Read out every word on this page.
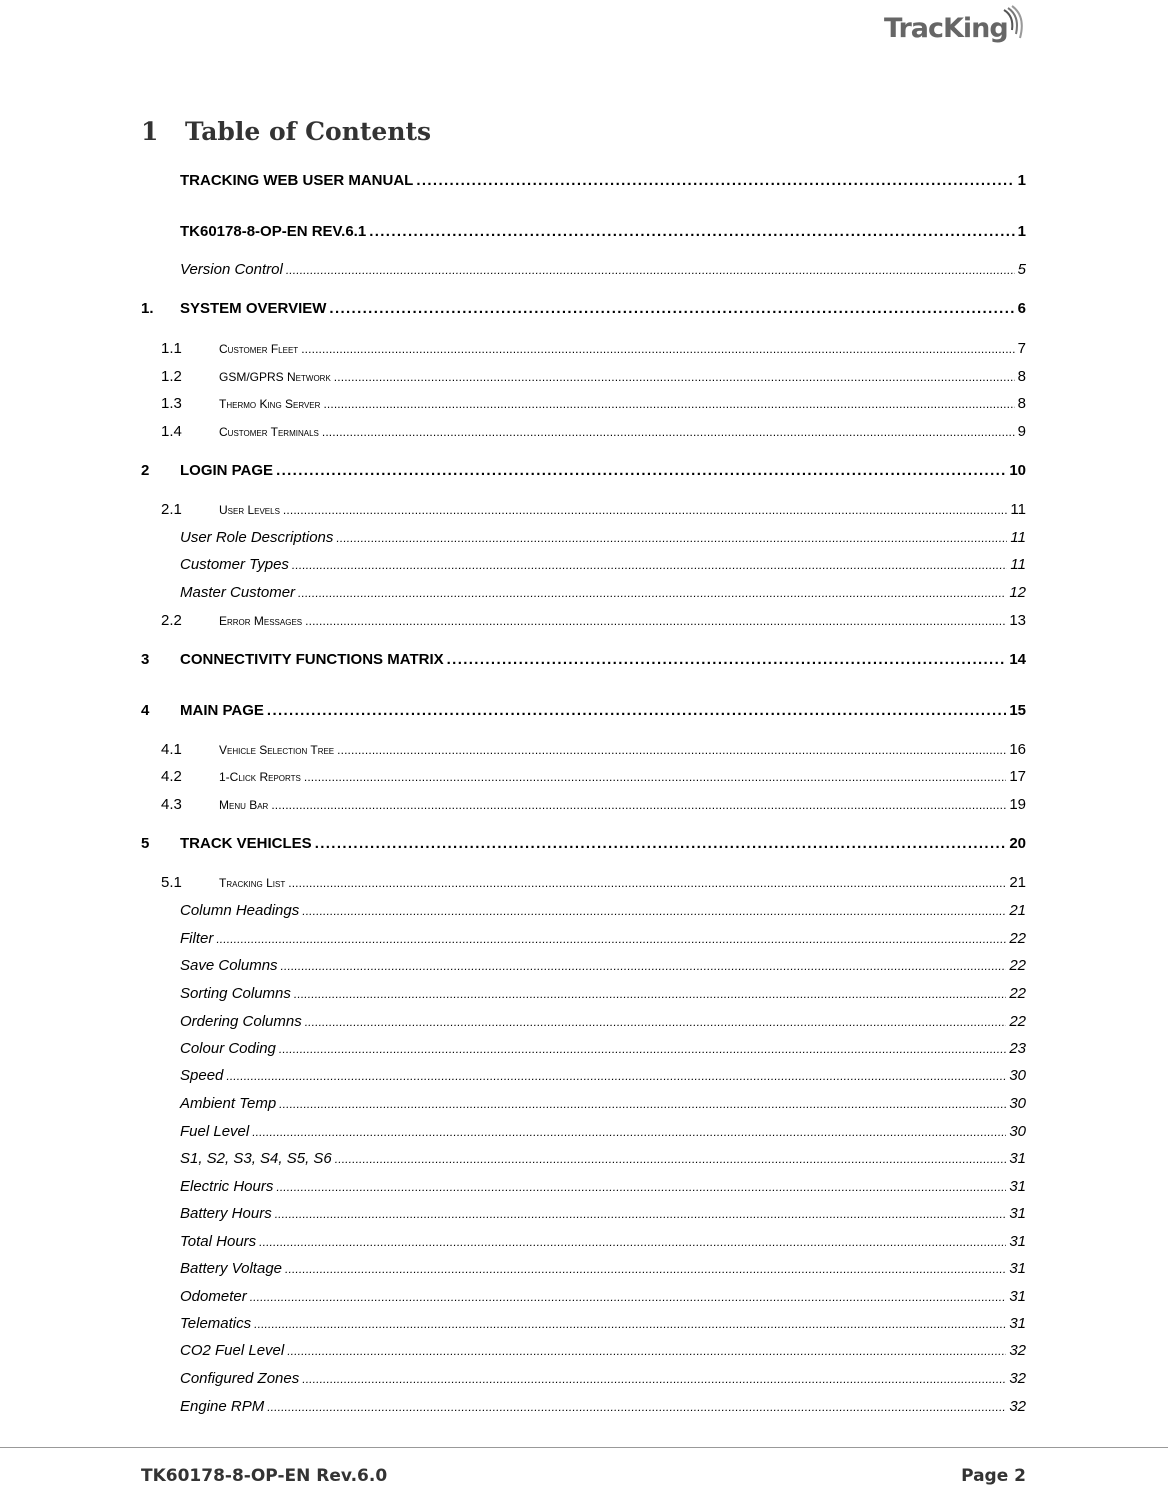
TracKing
1 Table of Contents
TRACKING WEB USER MANUAL . . .	1
TK60178-8-OP-EN REV.6.1 . . .	1
Version Control . . .	5
1. SYSTEM OVERVIEW . . .	6
1.1	Customer Fleet . . .	7
1.2	GSM/GPRS Network . . .	8
1.3	Thermo King Server . . .	8
1.4	Customer Terminals . . .	9
2 LOGIN PAGE . . .	10
2.1	User Levels . . .	11
User Role Descriptions . . .	11
Customer Types . . .	11
Master Customer . . .	12
2.2	Error Messages . . .	13
3 CONNECTIVITY FUNCTIONS MATRIX . . .	14
4 MAIN PAGE . . .	15
4.1	Vehicle Selection Tree . . .	16
4.2	1-Click Reports . . .	17
4.3	Menu Bar . . .	19
5 TRACK VEHICLES . . .	20
5.1	Tracking List . . .	21
Column Headings . . .	21
Filter . . .	22
Save Columns . . .	22
Sorting Columns . . .	22
Ordering Columns . . .	22
Colour Coding . . .	23
Speed . . .	30
Ambient Temp . . .	30
Fuel Level . . .	30
S1, S2, S3, S4, S5, S6 . . .	31
Electric Hours . . .	31
Battery Hours . . .	31
Total Hours . . .	31
Battery Voltage . . .	31
Odometer . . .	31
Telematics . . .	31
CO2 Fuel Level . . .	32
Configured Zones . . .	32
Engine RPM . . .	32
TK60178-8-OP-EN Rev.6.0	Page 2
